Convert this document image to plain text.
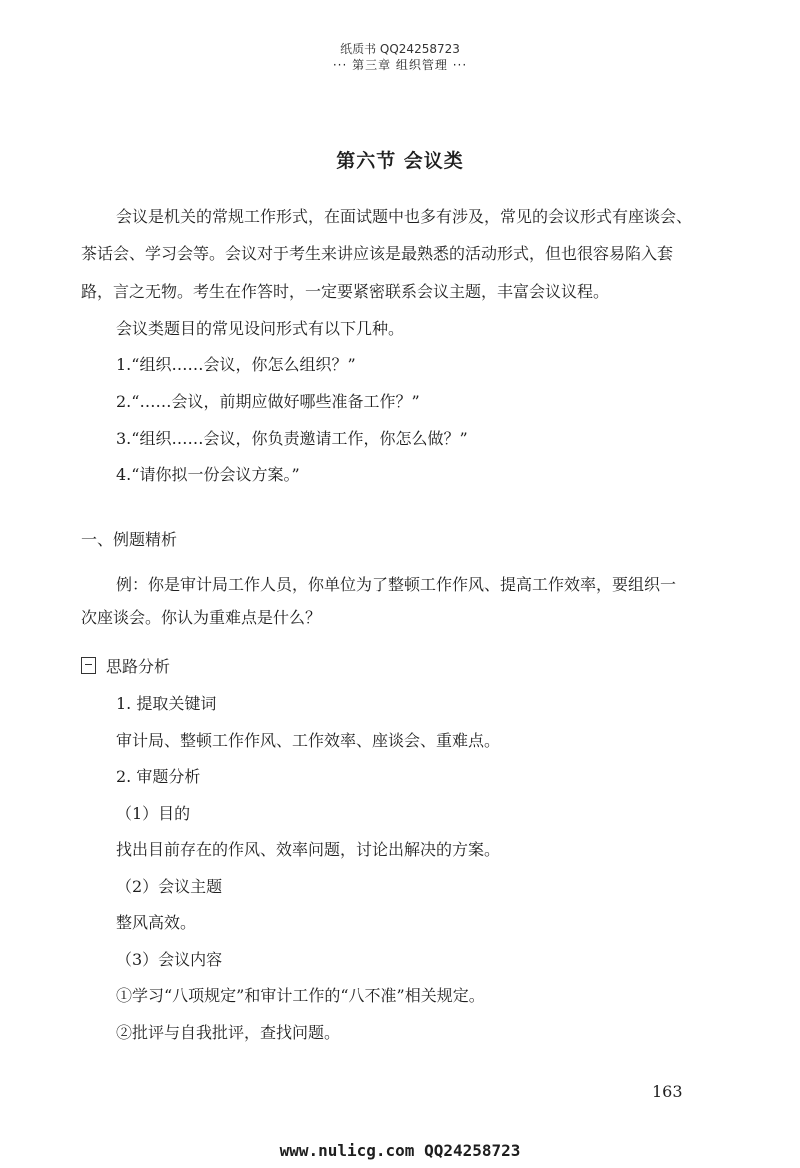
纸质书 QQ24258723
··· 第三章 组织管理 ···
第六节 会议类
会议是机关的常规工作形式，在面试题中也多有涉及，常见的会议形式有座谈会、
茶话会、学习会等。会议对于考生来讲应该是最熟悉的活动形式，但也很容易陷入套
路，言之无物。考生在作答时，一定要紧密联系会议主题，丰富会议议程。
会议类题目的常见设问形式有以下几种。
1.“组织……会议，你怎么组织？”
2.“……会议，前期应做好哪些准备工作？”
3.“组织……会议，你负责邀请工作，你怎么做？”
4.“请你拟一份会议方案。”
一、例题精析
例：你是审计局工作人员，你单位为了整顿工作作风、提高工作效率，要组织一
次座谈会。你认为重难点是什么？
思路分析
1. 提取关键词
审计局、整顿工作作风、工作效率、座谈会、重难点。
2. 审题分析
（1）目的
找出目前存在的作风、效率问题，讨论出解决的方案。
（2）会议主题
整风高效。
（3）会议内容
①学习“八项规定”和审计工作的“八不准”相关规定。
②批评与自我批评，查找问题。
163
www.nulicg.com QQ24258723
